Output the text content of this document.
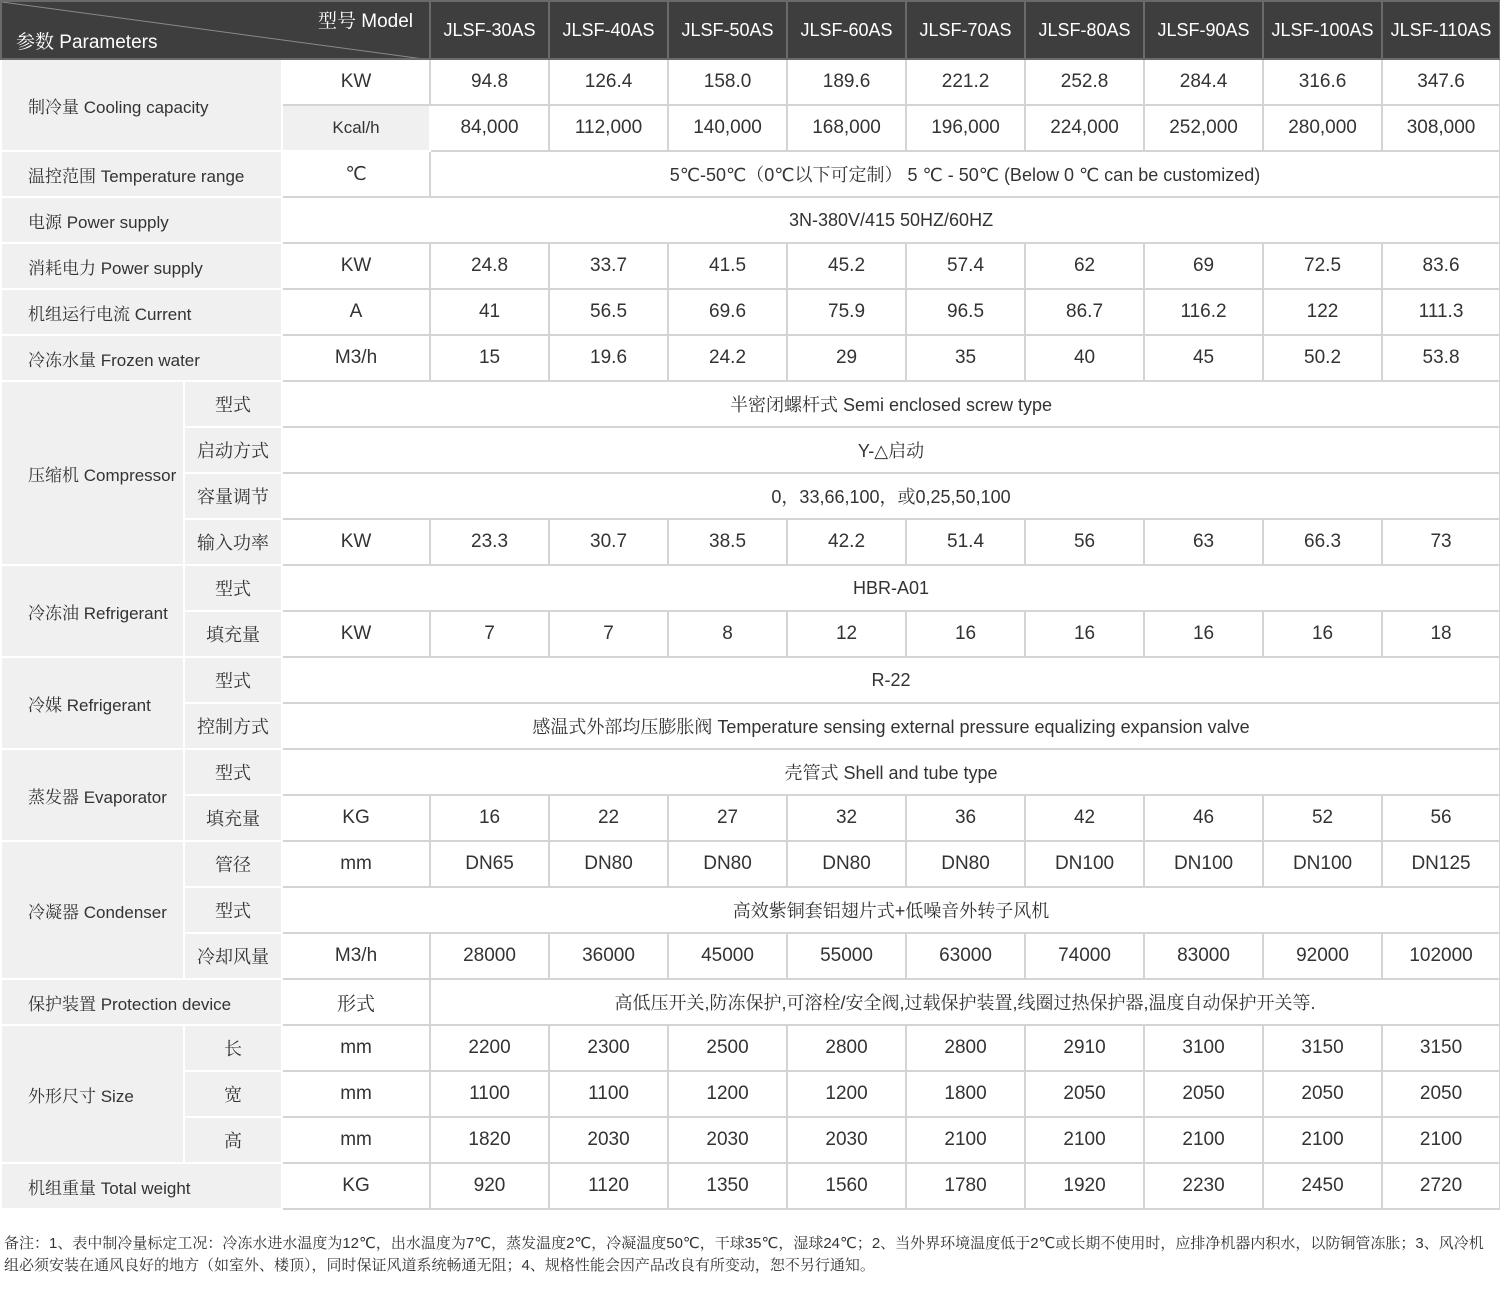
型号 Model
参数 Parameters			JLSF-30AS	JLSF-40AS	JLSF-50AS	JLSF-60AS	JLSF-70AS	JLSF-80AS	JLSF-90AS	JLSF-100AS	JLSF-110AS
制冷量 Cooling capacity		KW	94.8	126.4	158.0	189.6	221.2	252.8	284.4	316.6	347.6
		Kcal/h	84,000	112,000	140,000	168,000	196,000	224,000	252,000	280,000	308,000
温控范围 Temperature range		℃	5℃-50℃（0℃以下可定制） 5 ℃ - 50℃ (Below 0 ℃ can be customized)								
电源 Power supply		3N-380V/415 50HZ/60HZ									
消耗电力 Power supply		KW	24.8	33.7	41.5	45.2	57.4	62	69	72.5	83.6
机组运行电流 Current		A	41	56.5	69.6	75.9	96.5	86.7	116.2	122	111.3
冷冻水量 Frozen water		M3/h	15	19.6	24.2	29	35	40	45	50.2	53.8
压缩机 Compressor	型式	半密闭螺杆式 Semi enclosed screw type									
	启动方式	Y-△启动									
	容量调节	0，33,66,100，或0,25,50,100									
	输入功率	KW	23.3	30.7	38.5	42.2	51.4	56	63	66.3	73
冷冻油 Refrigerant	型式	HBR-A01									
	填充量	KW	7	7	8	12	16	16	16	16	18
冷媒 Refrigerant	型式	R-22									
	控制方式	感温式外部均压膨胀阀 Temperature sensing external pressure equalizing expansion valve									
蒸发器 Evaporator	型式	壳管式 Shell and tube type									
	填充量	KG	16	22	27	32	36	42	46	52	56
冷凝器 Condenser	管径	mm	DN65	DN80	DN80	DN80	DN80	DN100	DN100	DN100	DN125
	型式	高效紫铜套铝翅片式+低噪音外转子风机									
	冷却风量	M3/h	28000	36000	45000	55000	63000	74000	83000	92000	102000
保护装置 Protection device		形式	高低压开关,防冻保护,可溶栓/安全阀,过载保护装置,线圈过热保护器,温度自动保护开关等.								
外形尺寸 Size	长	mm	2200	2300	2500	2800	2800	2910	3100	3150	3150
	宽	mm	1100	1100	1200	1200	1800	2050	2050	2050	2050
	高	mm	1820	2030	2030	2030	2100	2100	2100	2100	2100
机组重量 Total weight		KG	920	1120	1350	1560	1780	1920	2230	2450	2720

备注：1、表中制冷量标定工况：冷冻水进水温度为12℃，出水温度为7℃，蒸发温度2℃，冷凝温度50℃，干球35℃，湿球24℃；2、当外界环境温度低于2℃或长期不使用时，应排净机器内积水，以防铜管冻胀；3、风冷机组必须安装在通风良好的地方（如室外、楼顶），同时保证风道系统畅通无阻；4、规格性能会因产品改良有所变动，恕不另行通知。
